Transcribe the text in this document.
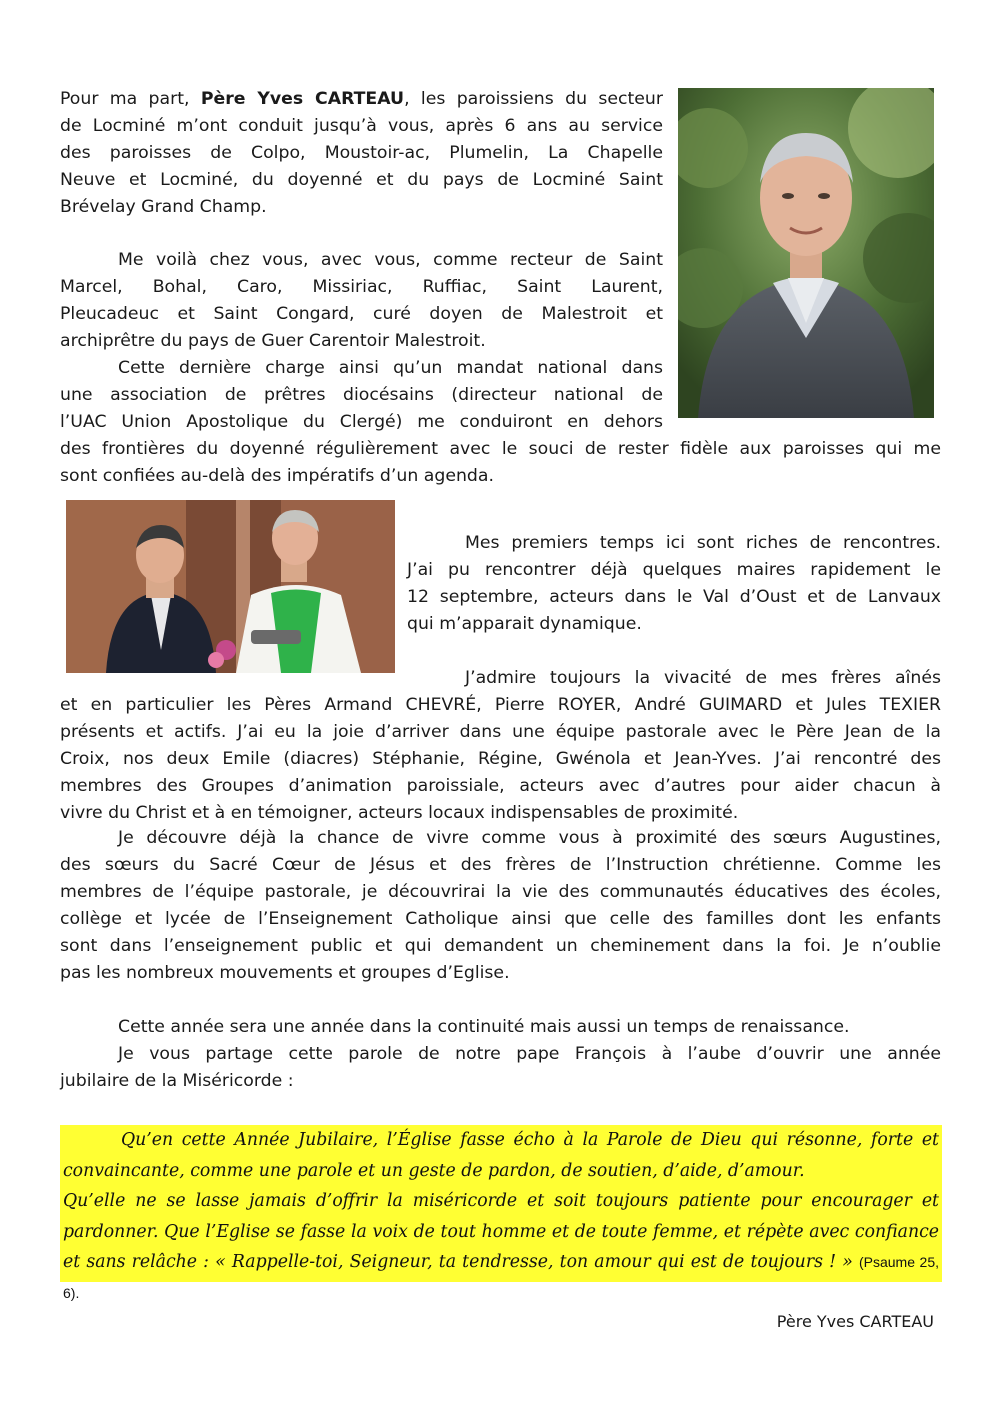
Pour ma part, Père Yves CARTEAU, les paroissiens du secteur
de Locminé m’ont conduit jusqu’à vous, après 6 ans au service
des paroisses de Colpo, Moustoir-ac, Plumelin, La Chapelle
Neuve et Locminé, du doyenné et du pays de Locminé Saint
Brévelay Grand Champ.
Me voilà chez vous, avec vous, comme recteur de Saint
Marcel, Bohal, Caro, Missiriac, Ruffiac, Saint Laurent,
Pleucadeuc et Saint Congard, curé doyen de Malestroit et
archiprêtre du pays de Guer Carentoir Malestroit.
Cette dernière charge ainsi qu’un mandat national dans
une association de prêtres diocésains (directeur national de
l’UAC Union Apostolique du Clergé) me conduiront en dehors
des frontières du doyenné régulièrement avec le souci de rester fidèle aux paroisses qui me
sont confiées au-delà des impératifs d’un agenda.
Mes premiers temps ici sont riches de rencontres.
J’ai pu rencontrer déjà quelques maires rapidement le
12 septembre, acteurs dans le Val d’Oust et de Lanvaux
qui m’apparait dynamique.
J’admire toujours la vivacité de mes frères aînés
et en particulier les Pères Armand CHEVRÉ, Pierre ROYER, André GUIMARD et Jules TEXIER
présents et actifs. J’ai eu la joie d’arriver dans une équipe pastorale avec le Père Jean de la
Croix, nos deux Emile (diacres) Stéphanie, Régine, Gwénola et Jean-Yves. J’ai rencontré des
membres des Groupes d’animation paroissiale, acteurs avec d’autres pour aider chacun à
vivre du Christ et à en témoigner, acteurs locaux indispensables de proximité.
Je découvre déjà la chance de vivre comme vous à proximité des sœurs Augustines,
des sœurs du Sacré Cœur de Jésus et des frères de l’Instruction chrétienne. Comme les
membres de l’équipe pastorale, je découvrirai la vie des communautés éducatives des écoles,
collège et lycée de l’Enseignement Catholique ainsi que celle des familles dont les enfants
sont dans l’enseignement public et qui demandent un cheminement dans la foi. Je n’oublie
pas les nombreux mouvements et groupes d’Eglise.
Cette année sera une année dans la continuité mais aussi un temps de renaissance.
Je vous partage cette parole de notre pape François à l’aube d’ouvrir une année
jubilaire de la Miséricorde :
Qu’en cette Année Jubilaire, l’Église fasse écho à la Parole de Dieu qui résonne, forte et
convaincante, comme une parole et un geste de pardon, de soutien, d’aide, d’amour.
Qu’elle ne se lasse jamais d’offrir la miséricorde et soit toujours patiente pour encourager et
pardonner. Que l’Eglise se fasse la voix de tout homme et de toute femme, et répète avec confiance
et sans relâche : « Rappelle-toi, Seigneur, ta tendresse, ton amour qui est de toujours ! » (Psaume 25, 6).
Père Yves CARTEAU
